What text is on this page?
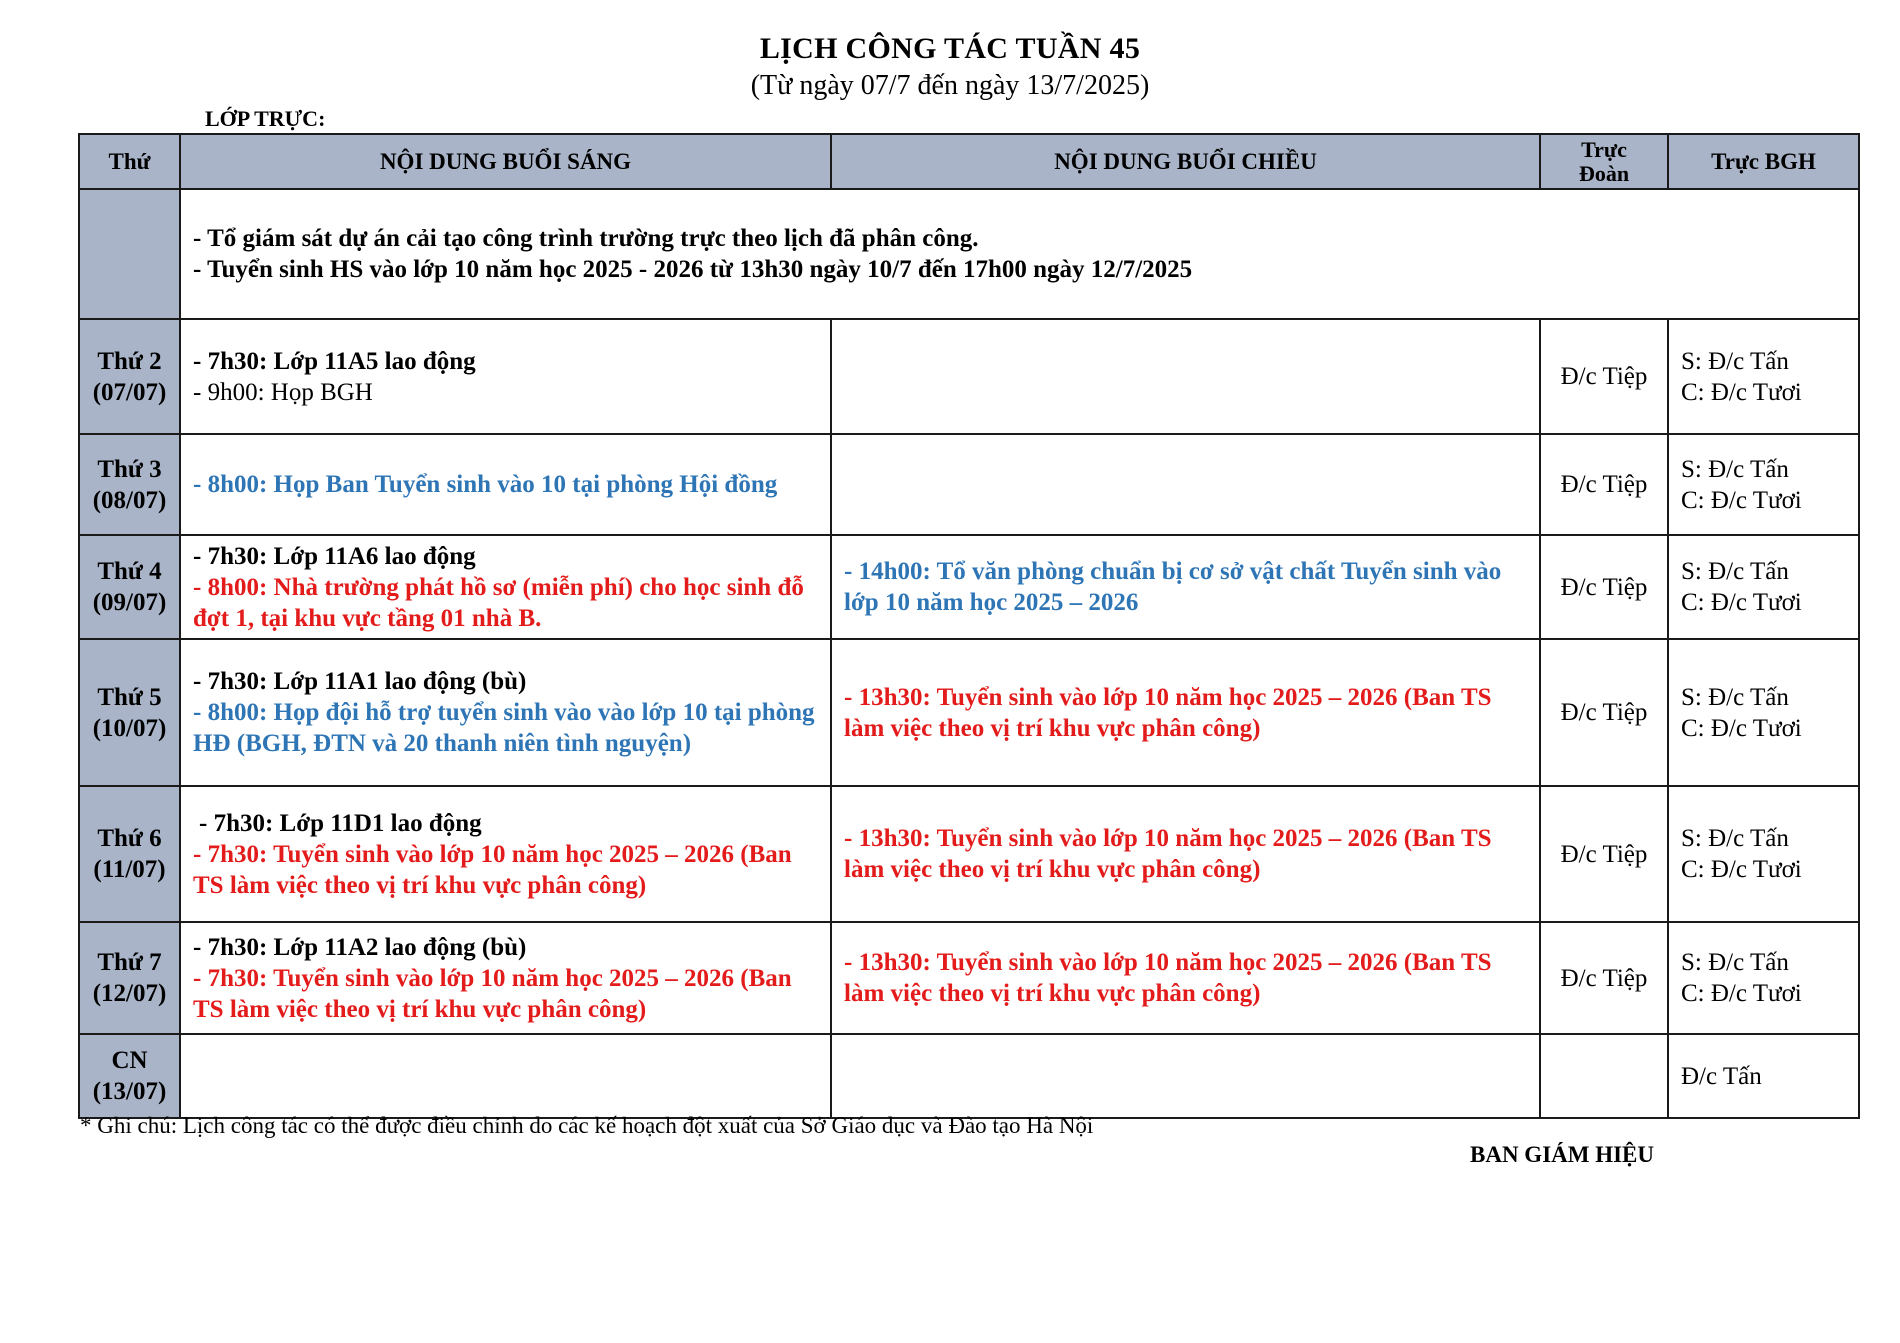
LỊCH CÔNG TÁC TUẦN 45
(Từ ngày 07/7 đến ngày 13/7/2025)
LỚP TRỰC:
Thứ	NỘI DUNG BUỔI SÁNG	NỘI DUNG BUỔI CHIỀU	Trực
Đoàn	Trực BGH

	- Tổ giám sát dự án cải tạo công trình trường trực theo lịch đã phân công.
- Tuyển sinh HS vào lớp 10 năm học 2025 - 2026 từ 13h30 ngày 10/7 đến 17h00 ngày 12/7/2025			

Thứ 2
(07/07)	- 7h30: Lớp 11A5 lao động
- 9h00: Họp BGH		Đ/c Tiệp	S: Đ/c Tấn
C: Đ/c Tươi

Thứ 3
(08/07)	- 8h00: Họp Ban Tuyển sinh vào 10 tại phòng Hội đồng		Đ/c Tiệp	S: Đ/c Tấn
C: Đ/c Tươi

Thứ 4
(09/07)	- 7h30: Lớp 11A6 lao động
- 8h00: Nhà trường phát hồ sơ (miễn phí) cho học sinh đỗ đợt 1, tại khu vực tầng 01 nhà B.	- 14h00: Tổ văn phòng chuẩn bị cơ sở vật chất Tuyển sinh vào lớp 10 năm học 2025 – 2026	Đ/c Tiệp	S: Đ/c Tấn
C: Đ/c Tươi

Thứ 5
(10/07)	- 7h30: Lớp 11A1 lao động (bù)
- 8h00: Họp đội hỗ trợ tuyển sinh vào vào lớp 10 tại phòng HĐ (BGH, ĐTN và 20 thanh niên tình nguyện)	- 13h30: Tuyển sinh vào lớp 10 năm học 2025 – 2026 (Ban TS làm việc theo vị trí khu vực phân công)	Đ/c Tiệp	S: Đ/c Tấn
C: Đ/c Tươi

Thứ 6
(11/07)	- 7h30: Lớp 11D1 lao động
- 7h30: Tuyển sinh vào lớp 10 năm học 2025 – 2026 (Ban TS làm việc theo vị trí khu vực phân công)	- 13h30: Tuyển sinh vào lớp 10 năm học 2025 – 2026 (Ban TS làm việc theo vị trí khu vực phân công)	Đ/c Tiệp	S: Đ/c Tấn
C: Đ/c Tươi

Thứ 7
(12/07)	- 7h30: Lớp 11A2 lao động (bù)
- 7h30: Tuyển sinh vào lớp 10 năm học 2025 – 2026 (Ban TS làm việc theo vị trí khu vực phân công)	- 13h30: Tuyển sinh vào lớp 10 năm học 2025 – 2026 (Ban TS làm việc theo vị trí khu vực phân công)	Đ/c Tiệp	S: Đ/c Tấn
C: Đ/c Tươi

CN
(13/07)				Đ/c Tấn
* Ghi chú: Lịch công tác có thể được điều chỉnh do các kế hoạch đột xuất của Sở Giáo dục và Đào tạo Hà Nội
BAN GIÁM HIỆU
